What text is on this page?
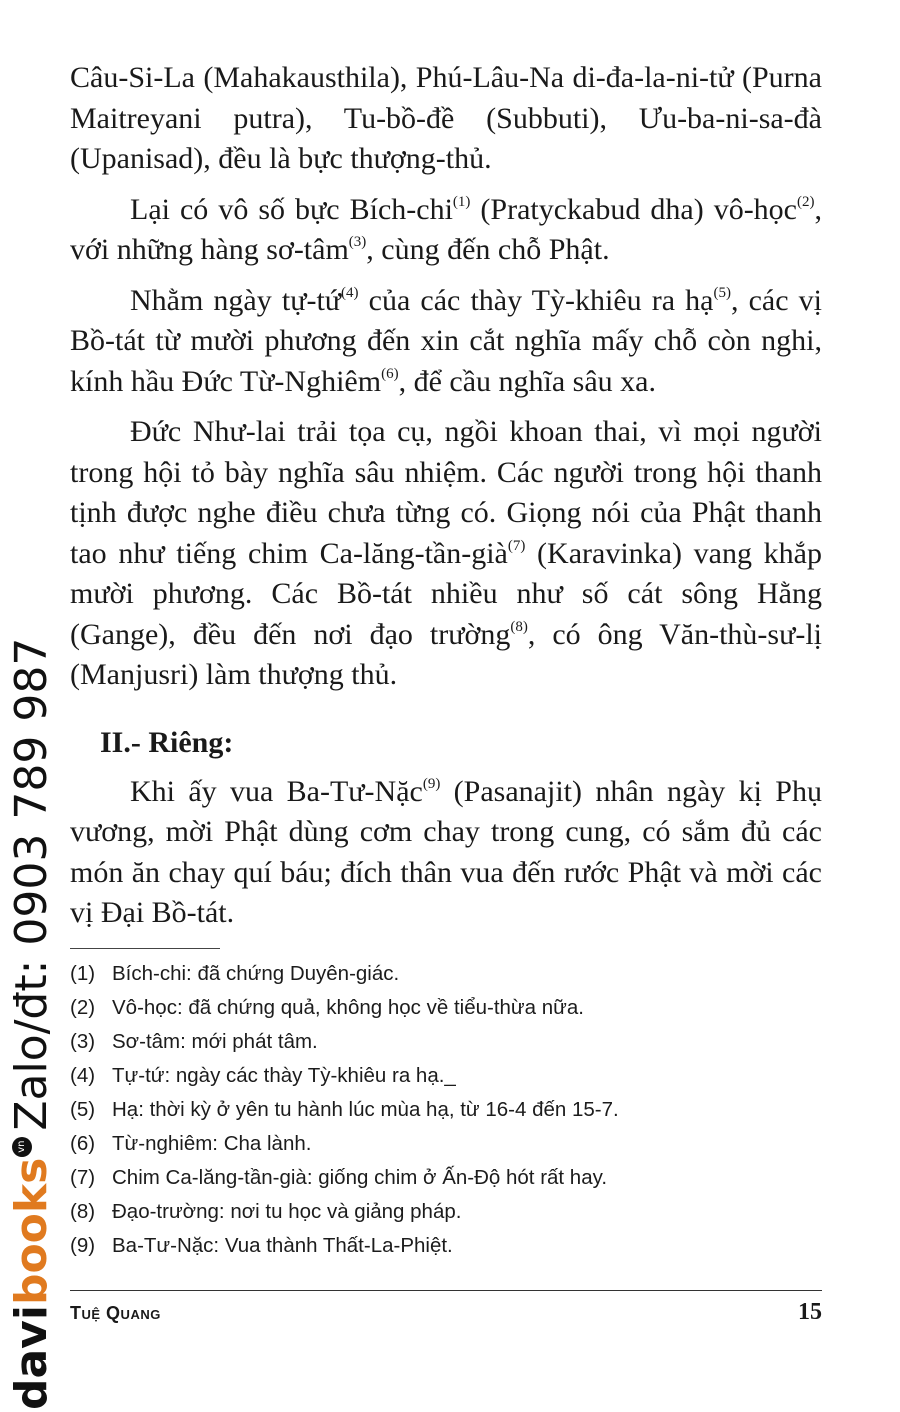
Câu-Si-La (Mahakausthila), Phú-Lâu-Na di-đa-la-ni-tử (Purna Maitreyani putra), Tu-bồ-đề (Subbuti), Ưu-ba-ni-sa-đà (Upanisad), đều là bực thượng-thủ.

Lại có vô số bực Bích-chi$^{(1)}$ (Pratyckabud dha) vô-học$^{(2)}$, với những hàng sơ-tâm$^{(3)}$, cùng đến chỗ Phật.

Nhằm ngày tự-tứ$^{(4)}$ của các thày Tỳ-khiêu ra hạ$^{(5)}$, các vị Bồ-tát từ mười phương đến xin cắt nghĩa mấy chỗ còn nghi, kính hầu Đức Từ-Nghiêm$^{(6)}$, để cầu nghĩa sâu xa.

Đức Như-lai trải tọa cụ, ngồi khoan thai, vì mọi người trong hội tỏ bày nghĩa sâu nhiệm. Các người trong hội thanh tịnh được nghe điều chưa từng có. Giọng nói của Phật thanh tao như tiếng chim Ca-lăng-tần-già$^{(7)}$ (Karavinka) vang khắp mười phương. Các Bồ-tát nhiều như số cát sông Hằng (Gange), đều đến nơi đạo trường$^{(8)}$, có ông Văn-thù-sư-lị (Manjusri) làm thượng thủ.

II.- Riêng:

Khi ấy vua Ba-Tư-Nặc$^{(9)}$ (Pasanajit) nhân ngày kị Phụ vương, mời Phật dùng cơm chay trong cung, có sắm đủ các món ăn chay quí báu; đích thân vua đến rước Phật và mời các vị Đại Bồ-tát.

(1) Bích-chi: đã chứng Duyên-giác.
(2) Vô-học: đã chứng quả, không học về tiểu-thừa nữa.
(3) Sơ-tâm: mới phát tâm.
(4) Tự-tứ: ngày các thày Tỳ-khiêu ra hạ._
(5) Hạ: thời kỳ ở yên tu hành lúc mùa hạ, từ 16-4 đến 15-7.
(6) Từ-nghiêm: Cha lành.
(7) Chim Ca-lăng-tần-già: giống chim ở Ấn-Độ hót rất hay.
(8) Đạo-trường: nơi tu học và giảng pháp.
(9) Ba-Tư-Nặc: Vua thành Thất-La-Phiệt.
Tuệ Quang	15
davibooksvnZalo/đt: 0903 789 987
